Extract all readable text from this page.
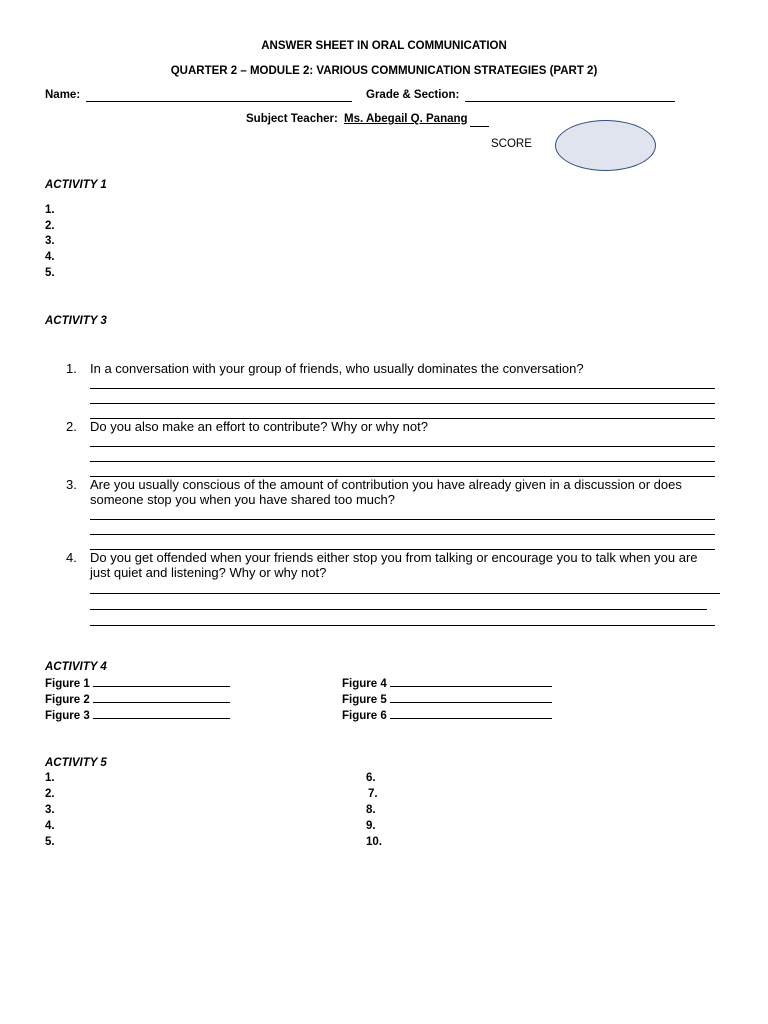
ANSWER SHEET IN ORAL COMMUNICATION
QUARTER 2 – MODULE 2: VARIOUS COMMUNICATION STRATEGIES (PART 2)
Name:	Grade & Section:
Subject Teacher: Ms. Abegail Q. Panang
SCORE
ACTIVITY 1
1.
2.
3.
4.
5.
ACTIVITY 3
1.	In a conversation with your group of friends, who usually dominates the conversation?
2.	Do you also make an effort to contribute? Why or why not?
3.	Are you usually conscious of the amount of contribution you have already given in a discussion or does someone stop you when you have shared too much?
4.	Do you get offended when your friends either stop you from talking or encourage you to talk when you are just quiet and listening? Why or why not?
ACTIVITY 4
Figure 1
Figure 2
Figure 3
Figure 4
Figure 5
Figure 6
ACTIVITY 5
1.
2.
3.
4.
5.
6.
7.
8.
9.
10.
